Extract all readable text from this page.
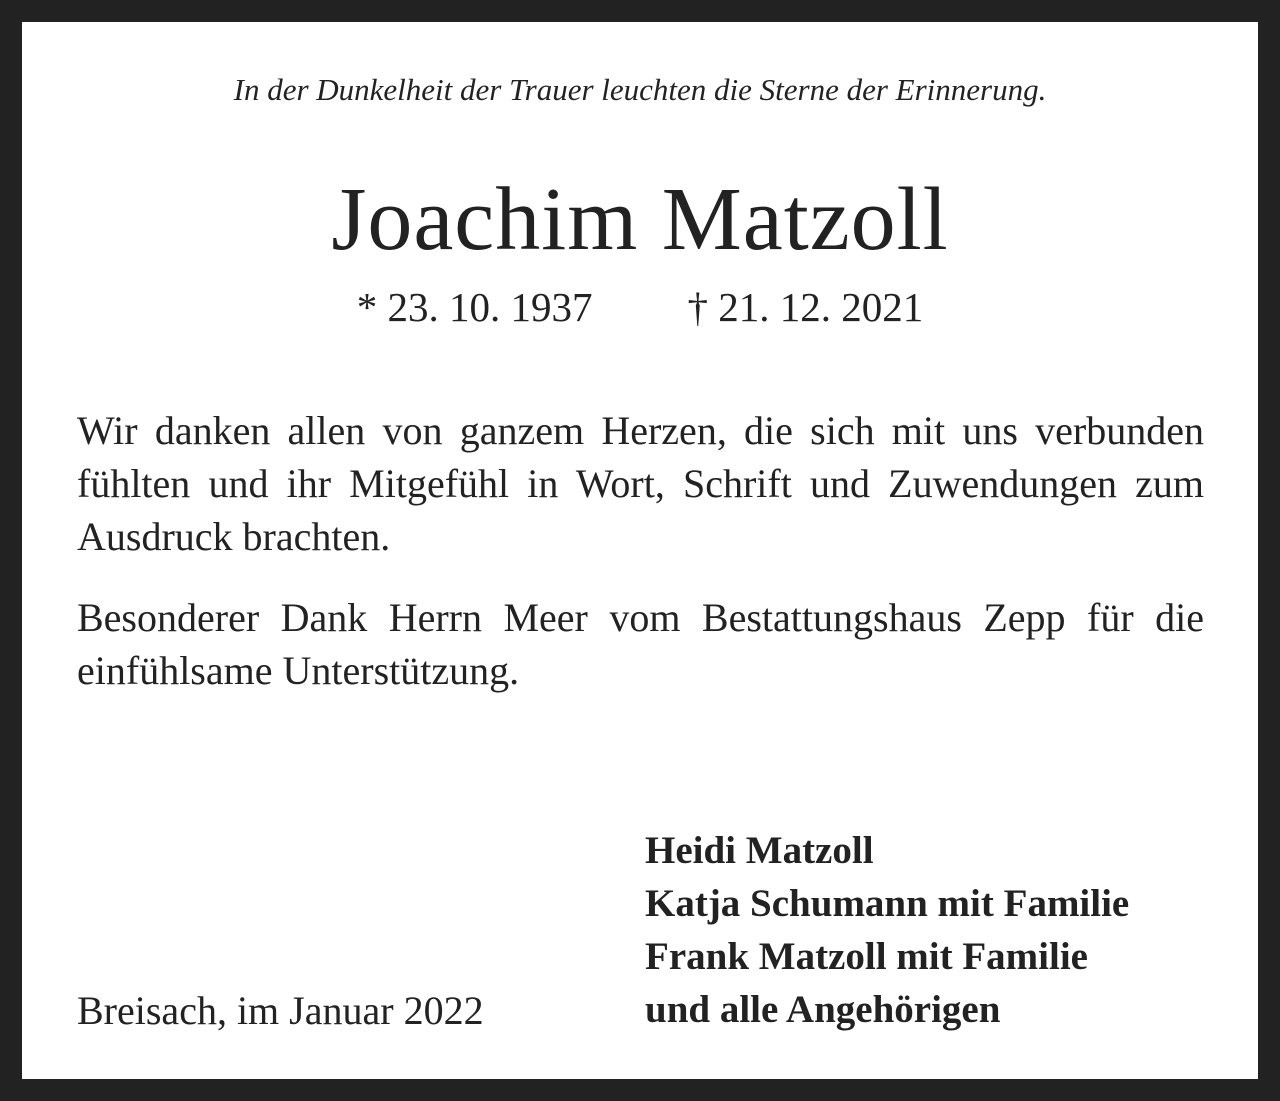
In der Dunkelheit der Trauer leuchten die Sterne der Erinnerung.
Joachim Matzoll
* 23. 10. 1937 † 21. 12. 2021
Wir danken allen von ganzem Herzen, die sich mit uns verbunden fühlten und ihr Mitgefühl in Wort, Schrift und Zuwendungen zum Ausdruck brachten.
Besonderer Dank Herrn Meer vom Bestattungshaus Zepp für die einfühlsame Unterstützung.
Breisach, im Januar 2022
Heidi Matzoll
Katja Schumann mit Familie
Frank Matzoll mit Familie
und alle Angehörigen
